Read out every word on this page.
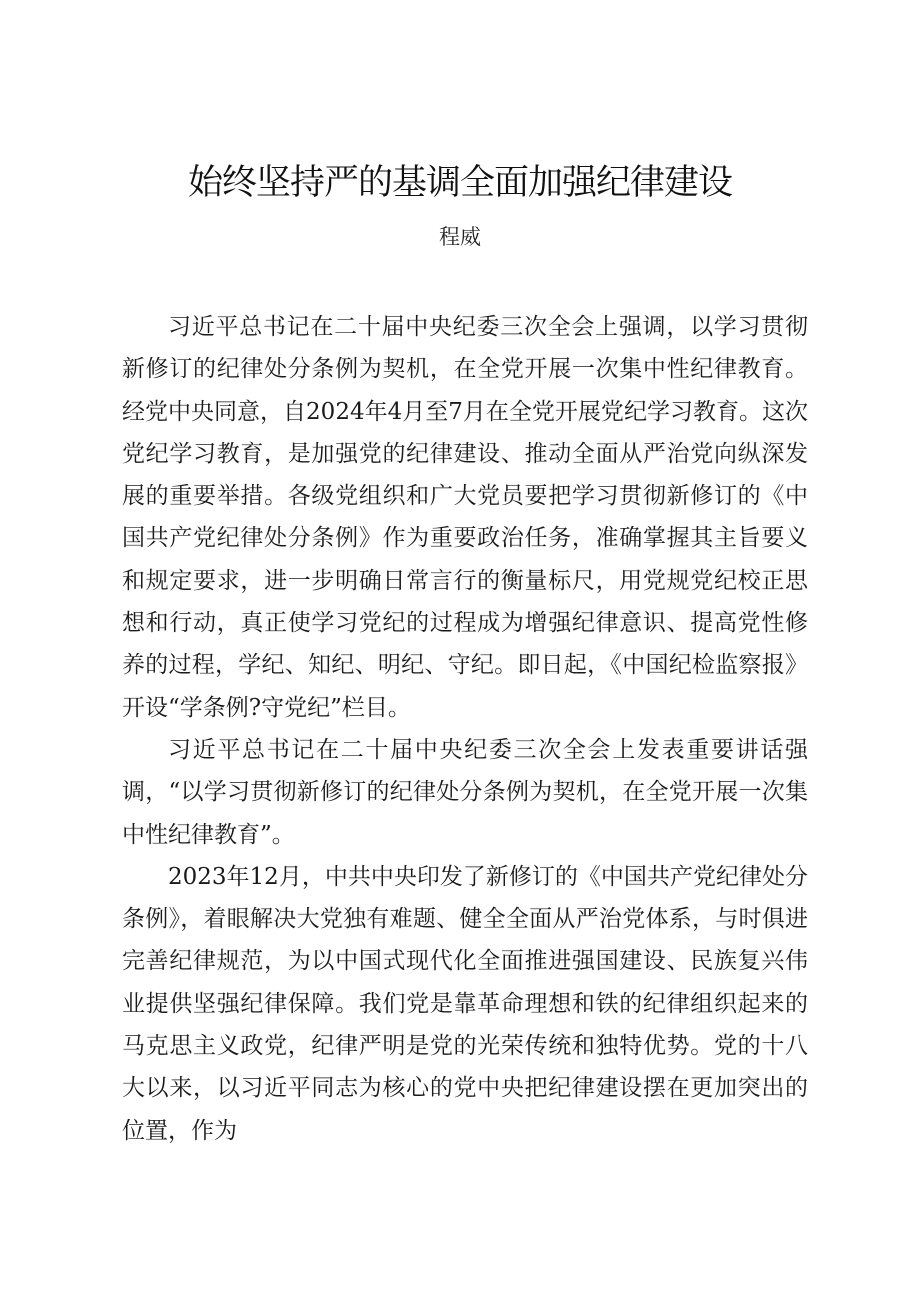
始终坚持严的基调全面加强纪律建设
程威

习近平总书记在二十届中央纪委三次全会上强调，以学习贯彻新修订的纪律处分条例为契机，在全党开展一次集中性纪律教育。经党中央同意，自2024年4月至7月在全党开展党纪学习教育。这次党纪学习教育，是加强党的纪律建设、推动全面从严治党向纵深发展的重要举措。各级党组织和广大党员要把学习贯彻新修订的《中国共产党纪律处分条例》作为重要政治任务，准确掌握其主旨要义和规定要求，进一步明确日常言行的衡量标尺，用党规党纪校正思想和行动，真正使学习党纪的过程成为增强纪律意识、提高党性修养的过程，学纪、知纪、明纪、守纪。即日起，《中国纪检监察报》开设“学条例?守党纪”栏目。

习近平总书记在二十届中央纪委三次全会上发表重要讲话强调，“以学习贯彻新修订的纪律处分条例为契机，在全党开展一次集中性纪律教育”。

2023年12月，中共中央印发了新修订的《中国共产党纪律处分条例》，着眼解决大党独有难题、健全全面从严治党体系，与时俱进完善纪律规范，为以中国式现代化全面推进强国建设、民族复兴伟业提供坚强纪律保障。我们党是靠革命理想和铁的纪律组织起来的马克思主义政党，纪律严明是党的光荣传统和独特优势。党的十八大以来，以习近平同志为核心的党中央把纪律建设摆在更加突出的位置，作为
